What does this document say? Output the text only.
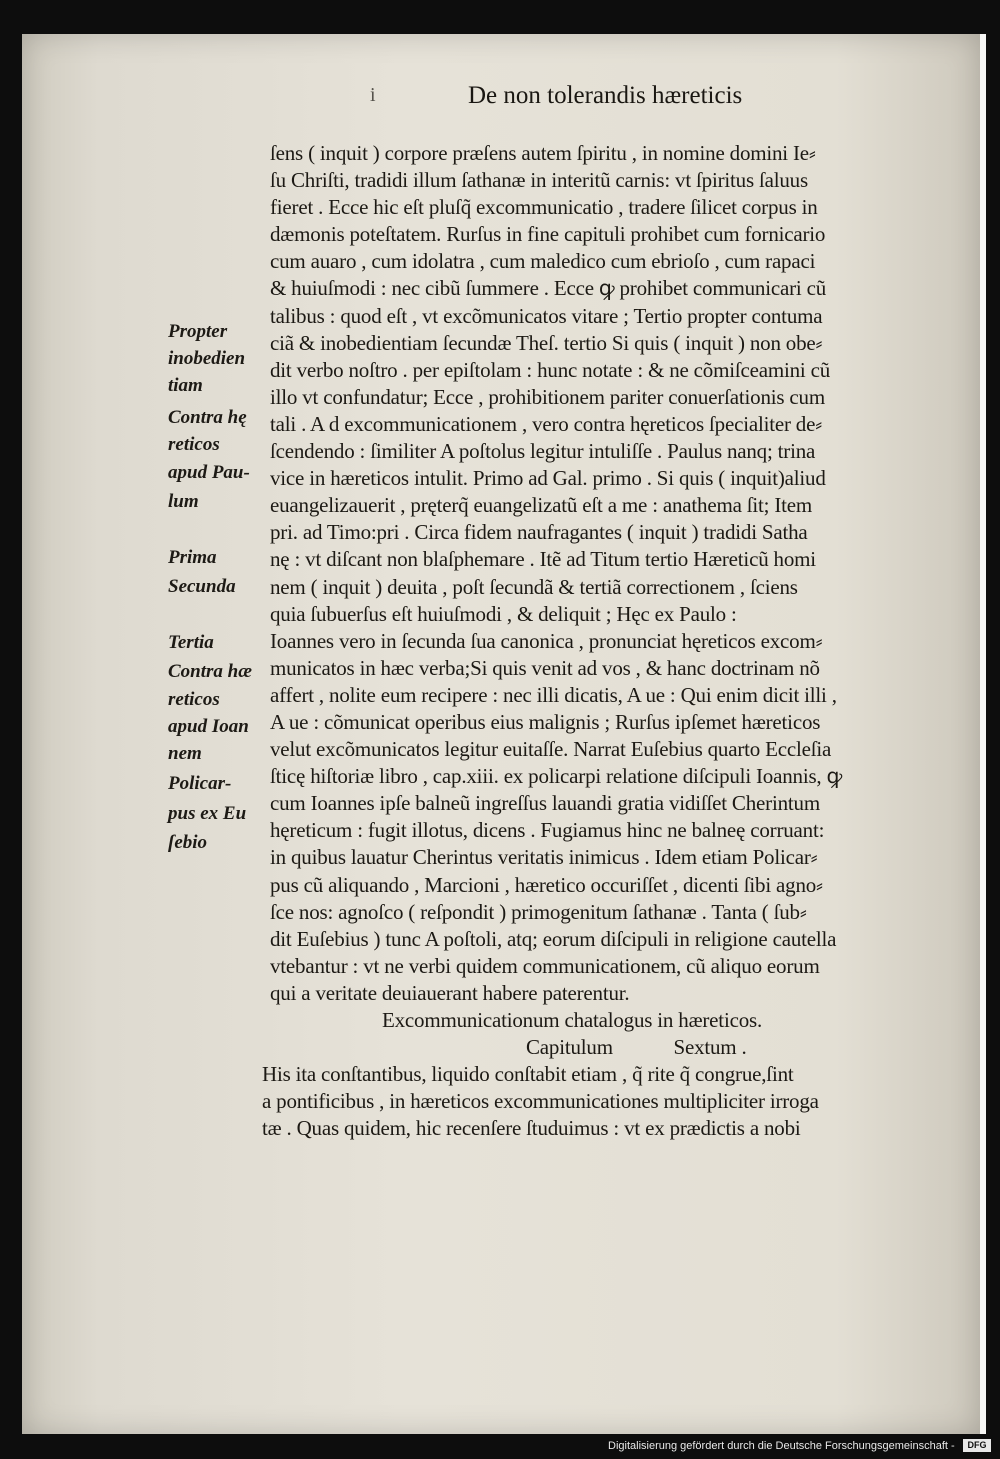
i	De non tolerandis hæreticis
ſens ( inquit ) corpore præſens autem ſpiritu , in nomine domini Ie⸗
ſu Chriſti, tradidi illum ſathanæ in interitũ carnis: vt ſpiritus ſaluus
fieret . Ecce hic eſt pluſq̃ excommunicatio , tradere ſilicet corpus in
dæmonis poteſtatem. Rurſus in fine capituli prohibet cum fornicario
cum auaro , cum idolatra , cum maledico cum ebrioſo , cum rapaci
& huiuſmodi : nec cibũ ſummere . Ecce ꝙ prohibet communicari cũ
talibus : quod eſt , vt excõmunicatos vitare ; Tertio propter contuma
ciã & inobedientiam ſecundæ Theſ. tertio Si quis ( inquit ) non obe⸗
dit verbo noſtro . per epiſtolam : hunc notate : & ne cõmiſceamini cũ
illo vt confundatur; Ecce , prohibitionem pariter conuerſationis cum
tali . A d excommunicationem , vero contra hęreticos ſpecialiter de⸗
ſcendendo : ſimiliter A poſtolus legitur intuliſſe . Paulus nanq; trina
vice in hæreticos intulit. Primo ad Gal. primo . Si quis ( inquit)aliud
euangelizauerit , pręterq̃ euangelizatũ eſt a me : anathema ſit; Item
pri. ad Timo:pri . Circa fidem naufragantes ( inquit ) tradidi Satha
nę : vt diſcant non blaſphemare . Itẽ ad Titum tertio Hæreticũ homi
nem ( inquit ) deuita , poſt ſecundã & tertiã correctionem , ſciens
quia ſubuerſus eſt huiuſmodi , & deliquit ; Hęc ex Paulo :
Ioannes vero in ſecunda ſua canonica , pronunciat hęreticos excom⸗
municatos in hæc verba;Si quis venit ad vos , & hanc doctrinam nõ
affert , nolite eum recipere : nec illi dicatis, A ue : Qui enim dicit illi ,
A ue : cõmunicat operibus eius malignis ; Rurſus ipſemet hæreticos
velut excõmunicatos legitur euitaſſe. Narrat Euſebius quarto Eccleſia
ſticę hiſtoriæ libro , cap.xiii. ex policarpi relatione diſcipuli Ioannis, ꝙ
cum Ioannes ipſe balneũ ingreſſus lauandi gratia vidiſſet Cherintum
hęreticum : fugit illotus, dicens . Fugiamus hinc ne balneę corruant:
in quibus lauatur Cherintus veritatis inimicus . Idem etiam Policar⸗
pus cũ aliquando , Marcioni , hæretico occuriſſet , dicenti ſibi agno⸗
ſce nos: agnoſco ( reſpondit ) primogenitum ſathanæ . Tanta ( ſub⸗
dit Euſebius ) tunc A poſtoli, atq; eorum diſcipuli in religione cautella
vtebantur : vt ne verbi quidem communicationem, cũ aliquo eorum
qui a veritate deuiauerant habere paterentur.
Excommunicationum chatalogus in hæreticos.
Capitulum            Sextum .
His ita conſtantibus, liquido conſtabit etiam , q̃ rite q̃ congrue,ſint
a pontificibus , in hæreticos excommunicationes multipliciter irroga
tæ . Quas quidem, hic recenſere ſtuduimus : vt ex prædictis a nobi
Propter
inobedien
tiam
Contra hę
reticos
apud Pau‑
lum
Prima
Secunda
Tertia
Contra hæ
reticos
apud Ioan
nem
Policar‑
pus ex Eu
ſebio
Digitalisierung gefördert durch die Deutsche Forschungsgemeinschaft -	DFG
